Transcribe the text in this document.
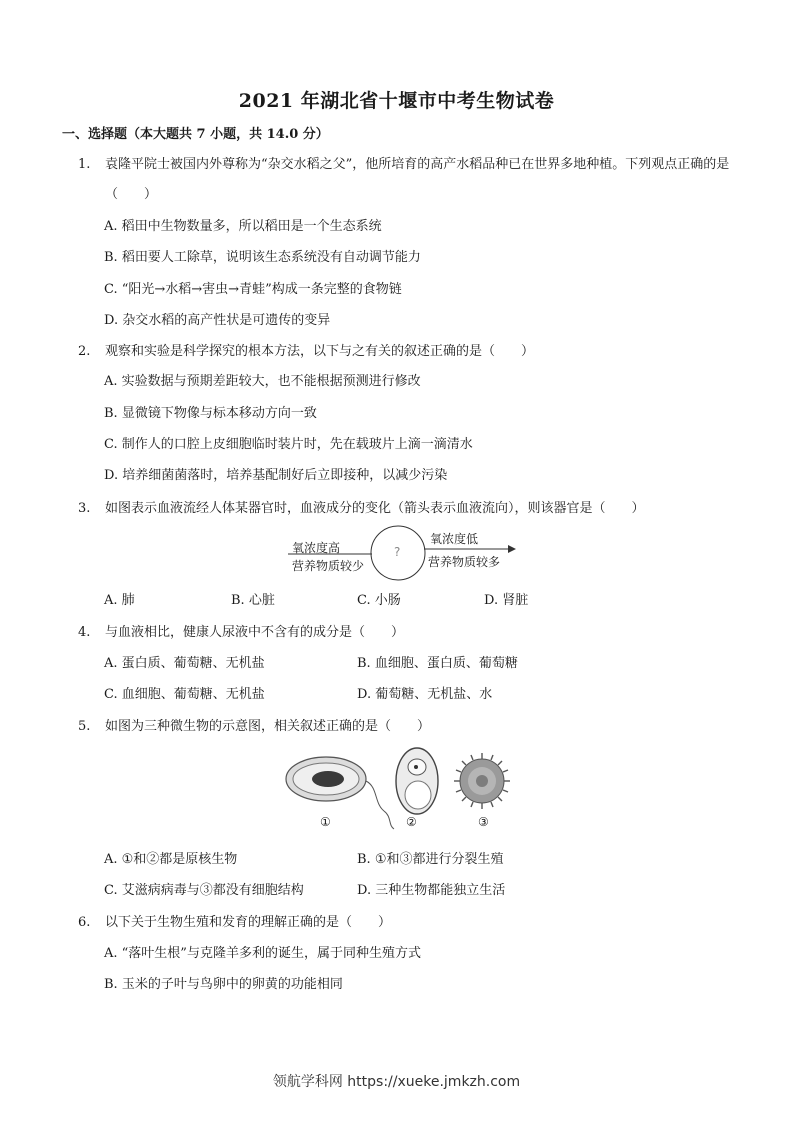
2021 年湖北省十堰市中考生物试卷
一、选择题（本大题共 7 小题，共 14.0 分）
1. 袁隆平院士被国内外尊称为“杂交水稻之父”，他所培育的高产水稻品种已在世界多地种植。下列观点正确的是（　　）
A. 稻田中生物数量多，所以稻田是一个生态系统
B. 稻田要人工除草，说明该生态系统没有自动调节能力
C. “阳光→水稻→害虫→青蛙”构成一条完整的食物链
D. 杂交水稻的高产性状是可遗传的变异
2. 观察和实验是科学探究的根本方法，以下与之有关的叙述正确的是（　　）
A. 实验数据与预期差距较大，也不能根据预测进行修改
B. 显微镜下物像与标本移动方向一致
C. 制作人的口腔上皮细胞临时装片时，先在载玻片上滴一滴清水
D. 培养细菌菌落时，培养基配制好后立即接种，以减少污染
3. 如图表示血液流经人体某器官时，血液成分的变化（箭头表示血液流向），则该器官是（　　）
氧浓度高
营养物质较少
?
氧浓度低
营养物质较多
A. 肺	B. 心脏	C. 小肠	D. 肾脏
4. 与血液相比，健康人尿液中不含有的成分是（　　）
A. 蛋白质、葡萄糖、无机盐	B. 血细胞、蛋白质、葡萄糖
C. 血细胞、葡萄糖、无机盐	D. 葡萄糖、无机盐、水
5. 如图为三种微生物的示意图，相关叙述正确的是（　　）
①	②	③
A. ①和②都是原核生物	B. ①和③都进行分裂生殖
C. 艾滋病病毒与③都没有细胞结构	D. 三种生物都能独立生活
6. 以下关于生物生殖和发育的理解正确的是（　　）
A. “落叶生根”与克隆羊多利的诞生，属于同种生殖方式
B. 玉米的子叶与鸟卵中的卵黄的功能相同
领航学科网 https://xueke.jmkzh.com
